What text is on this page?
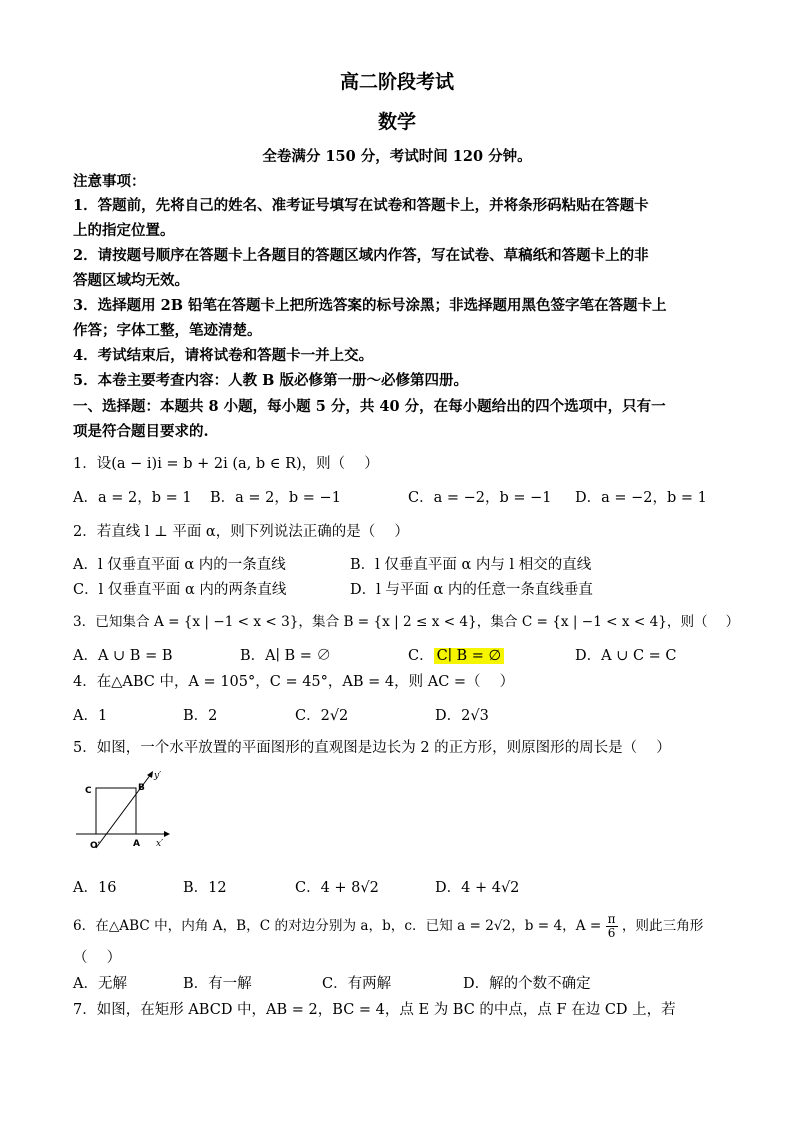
高二阶段考试
数学
全卷满分 150 分，考试时间 120 分钟。
注意事项：
1．答题前，先将自己的姓名、准考证号填写在试卷和答题卡上，并将条形码粘贴在答题卡
上的指定位置。
2．请按题号顺序在答题卡上各题目的答题区域内作答，写在试卷、草稿纸和答题卡上的非
答题区域均无效。
3．选择题用 2B 铅笔在答题卡上把所选答案的标号涂黑；非选择题用黑色签字笔在答题卡上
作答；字体工整，笔迹清楚。
4．考试结束后，请将试卷和答题卡一并上交。
5．本卷主要考查内容：人教 B 版必修第一册～必修第四册。
一、选择题：本题共 8 小题，每小题 5 分，共 40 分，在每小题给出的四个选项中，只有一
项是符合题目要求的.
1．设(a − i)i = b + 2i (a, b ∈ R)，则（　 ）
A．a = 2，b = 1 B．a = 2，b = −1	C．a = −2，b = −1 D．a = −2，b = 1
2．若直线 l ⊥ 平面 α，则下列说法正确的是（　 ）
A．l 仅垂直平面 α 内的一条直线	B．l 仅垂直平面 α 内与 l 相交的直线
C．l 仅垂直平面 α 内的两条直线	D．l 与平面 α 内的任意一条直线垂直
3．已知集合 A = {x | −1 < x < 3}，集合 B = {x | 2 ≤ x < 4}，集合 C = {x | −1 < x < 4}，则（　 ）
A．A ∪ B = B	B．A∣ B = ∅	C． C∣ B = ∅	D．A ∪ C = C
4．在△ABC 中，A = 105°，C = 45°，AB = 4，则 AC =（　 ）
A．1	B．2	C．2√2	D．2√3
5．如图，一个水平放置的平面图形的直观图是边长为 2 的正方形，则原图形的周长是（　 ）
C	B
O′	A x′
y′
A．16	B．12	C．4 + 8√2	D．4 + 4√2
6．在△ABC 中，内角 A，B，C 的对边分别为 a，b，c．已知 a = 2√2，b = 4，$A = \frac{\pi}{6}$ ，则此三角形
（　 ）
A．无解	B．有一解	C．有两解	D．解的个数不确定
7．如图，在矩形 ABCD 中，AB = 2，BC = 4，点 E 为 BC 的中点，点 F 在边 CD 上，若
